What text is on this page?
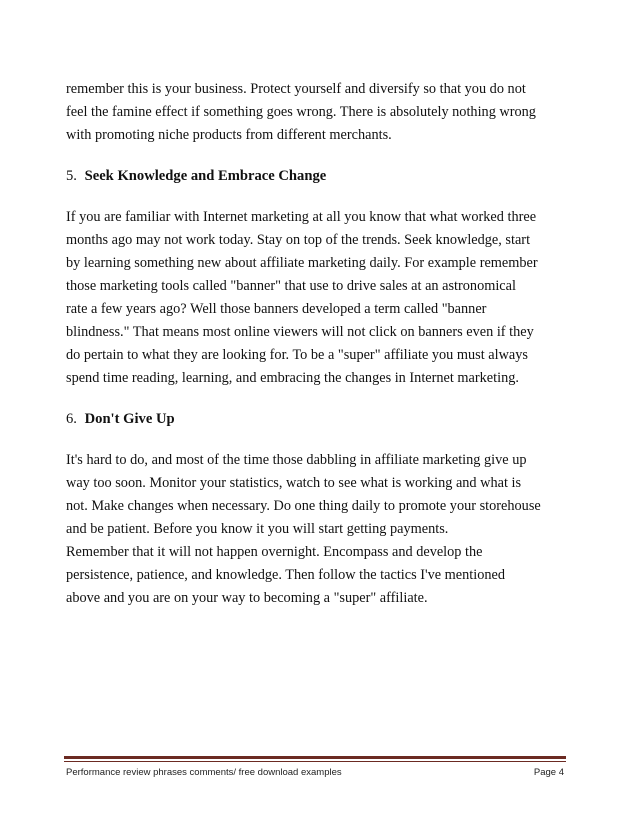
remember this is your business. Protect yourself and diversify so that you do not
feel the famine effect if something goes wrong. There is absolutely nothing wrong
with promoting niche products from different merchants.

5. Seek Knowledge and Embrace Change

If you are familiar with Internet marketing at all you know that what worked three
months ago may not work today. Stay on top of the trends. Seek knowledge, start
by learning something new about affiliate marketing daily. For example remember
those marketing tools called "banner" that use to drive sales at an astronomical
rate a few years ago? Well those banners developed a term called "banner
blindness." That means most online viewers will not click on banners even if they
do pertain to what they are looking for. To be a "super" affiliate you must always
spend time reading, learning, and embracing the changes in Internet marketing.

6. Don't Give Up

It's hard to do, and most of the time those dabbling in affiliate marketing give up
way too soon. Monitor your statistics, watch to see what is working and what is
not. Make changes when necessary. Do one thing daily to promote your storehouse
and be patient. Before you know it you will start getting payments.
Remember that it will not happen overnight. Encompass and develop the
persistence, patience, and knowledge. Then follow the tactics I've mentioned
above and you are on your way to becoming a "super" affiliate.

Performance review phrases comments/ free download examples	Page 4
